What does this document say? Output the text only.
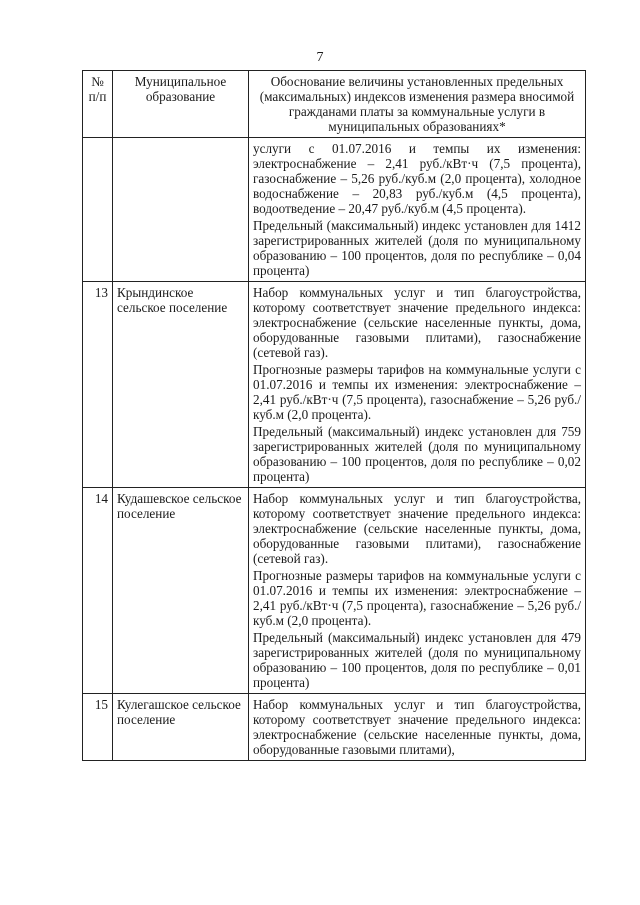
7
№
п/п	Муниципальное образование	Обоснование величины установленных предельных (максимальных) индексов изменения размера вносимой гражданами платы за коммунальные услуги в муниципальных образованиях*

		услуги с 01.07.2016 и темпы их изменения: электроснабжение – 2,41 руб./кВт·ч (7,5 процента), газоснабжение – 5,26 руб./куб.м (2,0 процента), холодное водоснабжение – 20,83 руб./куб.м (4,5 процента), водоотведение – 20,47 руб./куб.м (4,5 процента).

Предельный (максимальный) индекс установлен для 1412 зарегистрированных жителей (доля по муниципальному образованию – 100 процентов, доля по республике – 0,04 процента)

13	Крындинское сельское поселение	Набор коммунальных услуг и тип благоустройства, которому соответствует значение предельного индекса: электроснабжение (сельские населенные пункты, дома, оборудованные газовыми плитами), газоснабжение (сетевой газ).

Прогнозные размеры тарифов на коммунальные услуги с 01.07.2016 и темпы их изменения: электроснабжение – 2,41 руб./кВт·ч (7,5 процента), газоснабжение – 5,26 руб./куб.м (2,0 процента).

Предельный (максимальный) индекс установлен для 759 зарегистрированных жителей (доля по муниципальному образованию – 100 процентов, доля по республике – 0,02 процента)

14	Кудашевское сельское поселение	Набор коммунальных услуг и тип благоустройства, которому соответствует значение предельного индекса: электроснабжение (сельские населенные пункты, дома, оборудованные газовыми плитами), газоснабжение (сетевой газ).

Прогнозные размеры тарифов на коммунальные услуги с 01.07.2016 и темпы их изменения: электроснабжение – 2,41 руб./кВт·ч (7,5 процента), газоснабжение – 5,26 руб./куб.м (2,0 процента).

Предельный (максимальный) индекс установлен для 479 зарегистрированных жителей (доля по муниципальному образованию – 100 процентов, доля по республике – 0,01 процента)

15	Кулегашское сельское поселение	Набор коммунальных услуг и тип благоустройства, которому соответствует значение предельного индекса: электроснабжение (сельские населенные пункты, дома, оборудованные газовыми плитами),
